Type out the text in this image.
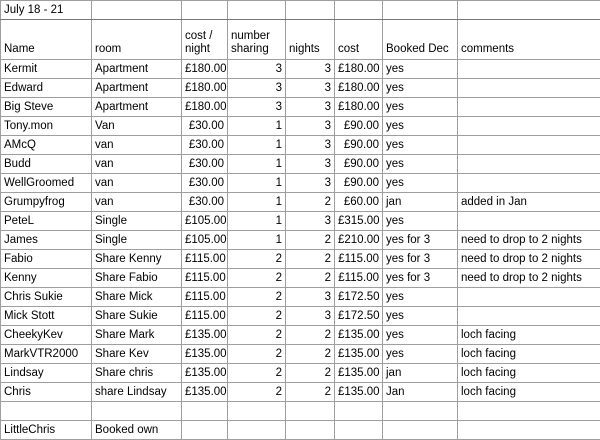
July 18 - 21							
Name	room	cost / night	number sharing	nights	cost	Booked Dec	comments
Kermit	Apartment	£180.00	3	3	£180.00	yes	
Edward	Apartment	£180.00	3	3	£180.00	yes	
Big Steve	Apartment	£180.00	3	3	£180.00	yes	
Tony.mon	Van	£30.00	1	3	£90.00	yes	
AMcQ	van	£30.00	1	3	£90.00	yes	
Budd	van	£30.00	1	3	£90.00	yes	
WellGroomed	van	£30.00	1	3	£90.00	yes	
Grumpyfrog	van	£30.00	1	2	£60.00	jan	added in Jan
PeteL	Single	£105.00	1	3	£315.00	yes	
James	Single	£105.00	1	2	£210.00	yes for 3	need to drop to 2 nights
Fabio	Share Kenny	£115.00	2	2	£115.00	yes for 3	need to drop to 2 nights
Kenny	Share Fabio	£115.00	2	2	£115.00	yes for 3	need to drop to 2 nights
Chris Sukie	Share Mick	£115.00	2	3	£172.50	yes	
Mick Stott	Share Sukie	£115.00	2	3	£172.50	yes	
CheekyKev	Share Mark	£135.00	2	2	£135.00	yes	loch facing
MarkVTR2000	Share Kev	£135.00	2	2	£135.00	yes	loch facing
Lindsay	Share chris	£135.00	2	2	£135.00	jan	loch facing
Chris	share Lindsay	£135.00	2	2	£135.00	Jan	loch facing

LittleChris	Booked own						
